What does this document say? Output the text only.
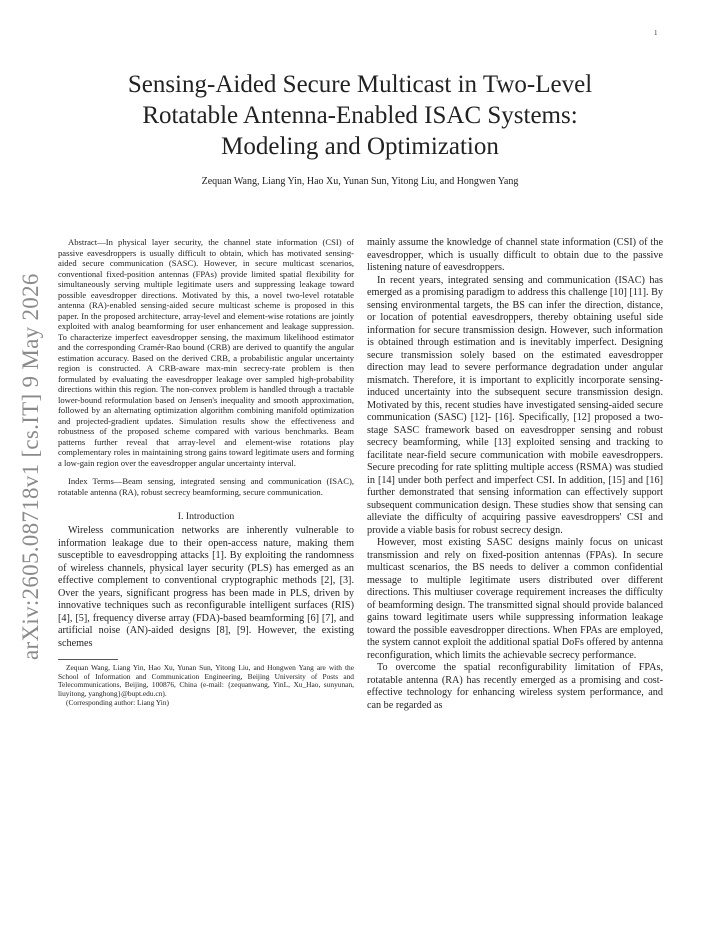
1
arXiv:2605.08718v1 [cs.IT] 9 May 2026
Sensing-Aided Secure Multicast in Two-Level
Rotatable Antenna-Enabled ISAC Systems:
Modeling and Optimization
Zequan Wang, Liang Yin, Hao Xu, Yunan Sun, Yitong Liu, and Hongwen Yang

Abstract—In physical layer security, the channel state information (CSI) of passive eavesdroppers is usually difficult to obtain, which has motivated sensing-aided secure communication (SASC). However, in secure multicast scenarios, conventional fixed-position antennas (FPAs) provide limited spatial flexibility for simultaneously serving multiple legitimate users and suppressing leakage toward possible eavesdropper directions. Motivated by this, a novel two-level rotatable antenna (RA)-enabled sensing-aided secure multicast scheme is proposed in this paper. In the proposed architecture, array-level and element-wise rotations are jointly exploited with analog beamforming for user enhancement and leakage suppression. To characterize imperfect eavesdropper sensing, the maximum likelihood estimator and the corresponding Cramér-Rao bound (CRB) are derived to quantify the angular estimation accuracy. Based on the derived CRB, a probabilistic angular uncertainty region is constructed. A CRB-aware max-min secrecy-rate problem is then formulated by evaluating the eavesdropper leakage over sampled high-probability directions within this region. The non-convex problem is handled through a tractable lower-bound reformulation based on Jensen's inequality and smooth approximation, followed by an alternating optimization algorithm combining manifold optimization and projected-gradient updates. Simulation results show the effectiveness and robustness of the proposed scheme compared with various benchmarks. Beam patterns further reveal that array-level and element-wise rotations play complementary roles in maintaining strong gains toward legitimate users and forming a low-gain region over the eavesdropper angular uncertainty interval.

Index Terms—Beam sensing, integrated sensing and communication (ISAC), rotatable antenna (RA), robust secrecy beamforming, secure communication.

I. Introduction

Wireless communication networks are inherently vulnerable to information leakage due to their open-access nature, making them susceptible to eavesdropping attacks [1]. By exploiting the randomness of wireless channels, physical layer security (PLS) has emerged as an effective complement to conventional cryptographic methods [2], [3]. Over the years, significant progress has been made in PLS, driven by innovative techniques such as reconfigurable intelligent surfaces (RIS) [4], [5], frequency diverse array (FDA)-based beamforming [6] [7], and artificial noise (AN)-aided designs [8], [9]. However, the existing schemes

Zequan Wang, Liang Yin, Hao Xu, Yunan Sun, Yitong Liu, and Hongwen Yang are with the School of Information and Communication Engineering, Beijing University of Posts and Telecommunications, Beijing, 100876, China (e-mail: {zequanwang, YinL, Xu_Hao, sunyunan, liuyitong, yanghong}@bupt.edu.cn).

(Corresponding author: Liang Yin)

mainly assume the knowledge of channel state information (CSI) of the eavesdropper, which is usually difficult to obtain due to the passive listening nature of eavesdroppers.

In recent years, integrated sensing and communication (ISAC) has emerged as a promising paradigm to address this challenge [10] [11]. By sensing environmental targets, the BS can infer the direction, distance, or location of potential eavesdroppers, thereby obtaining useful side information for secure transmission design. However, such information is obtained through estimation and is inevitably imperfect. Designing secure transmission solely based on the estimated eavesdropper direction may lead to severe performance degradation under angular mismatch. Therefore, it is important to explicitly incorporate sensing-induced uncertainty into the subsequent secure transmission design. Motivated by this, recent studies have investigated sensing-aided secure communication (SASC) [12]- [16]. Specifically, [12] proposed a two-stage SASC framework based on eavesdropper sensing and robust secrecy beamforming, while [13] exploited sensing and tracking to facilitate near-field secure communication with mobile eavesdroppers. Secure precoding for rate splitting multiple access (RSMA) was studied in [14] under both perfect and imperfect CSI. In addition, [15] and [16] further demonstrated that sensing information can effectively support subsequent communication design. These studies show that sensing can alleviate the difficulty of acquiring passive eavesdroppers' CSI and provide a viable basis for robust secrecy design.

However, most existing SASC designs mainly focus on unicast transmission and rely on fixed-position antennas (FPAs). In secure multicast scenarios, the BS needs to deliver a common confidential message to multiple legitimate users distributed over different directions. This multiuser coverage requirement increases the difficulty of beamforming design. The transmitted signal should provide balanced gains toward legitimate users while suppressing information leakage toward the possible eavesdropper directions. When FPAs are employed, the system cannot exploit the additional spatial DoFs offered by antenna reconfiguration, which limits the achievable secrecy performance.

To overcome the spatial reconfigurability limitation of FPAs, rotatable antenna (RA) has recently emerged as a promising and cost-effective technology for enhancing wireless system performance, and can be regarded as
